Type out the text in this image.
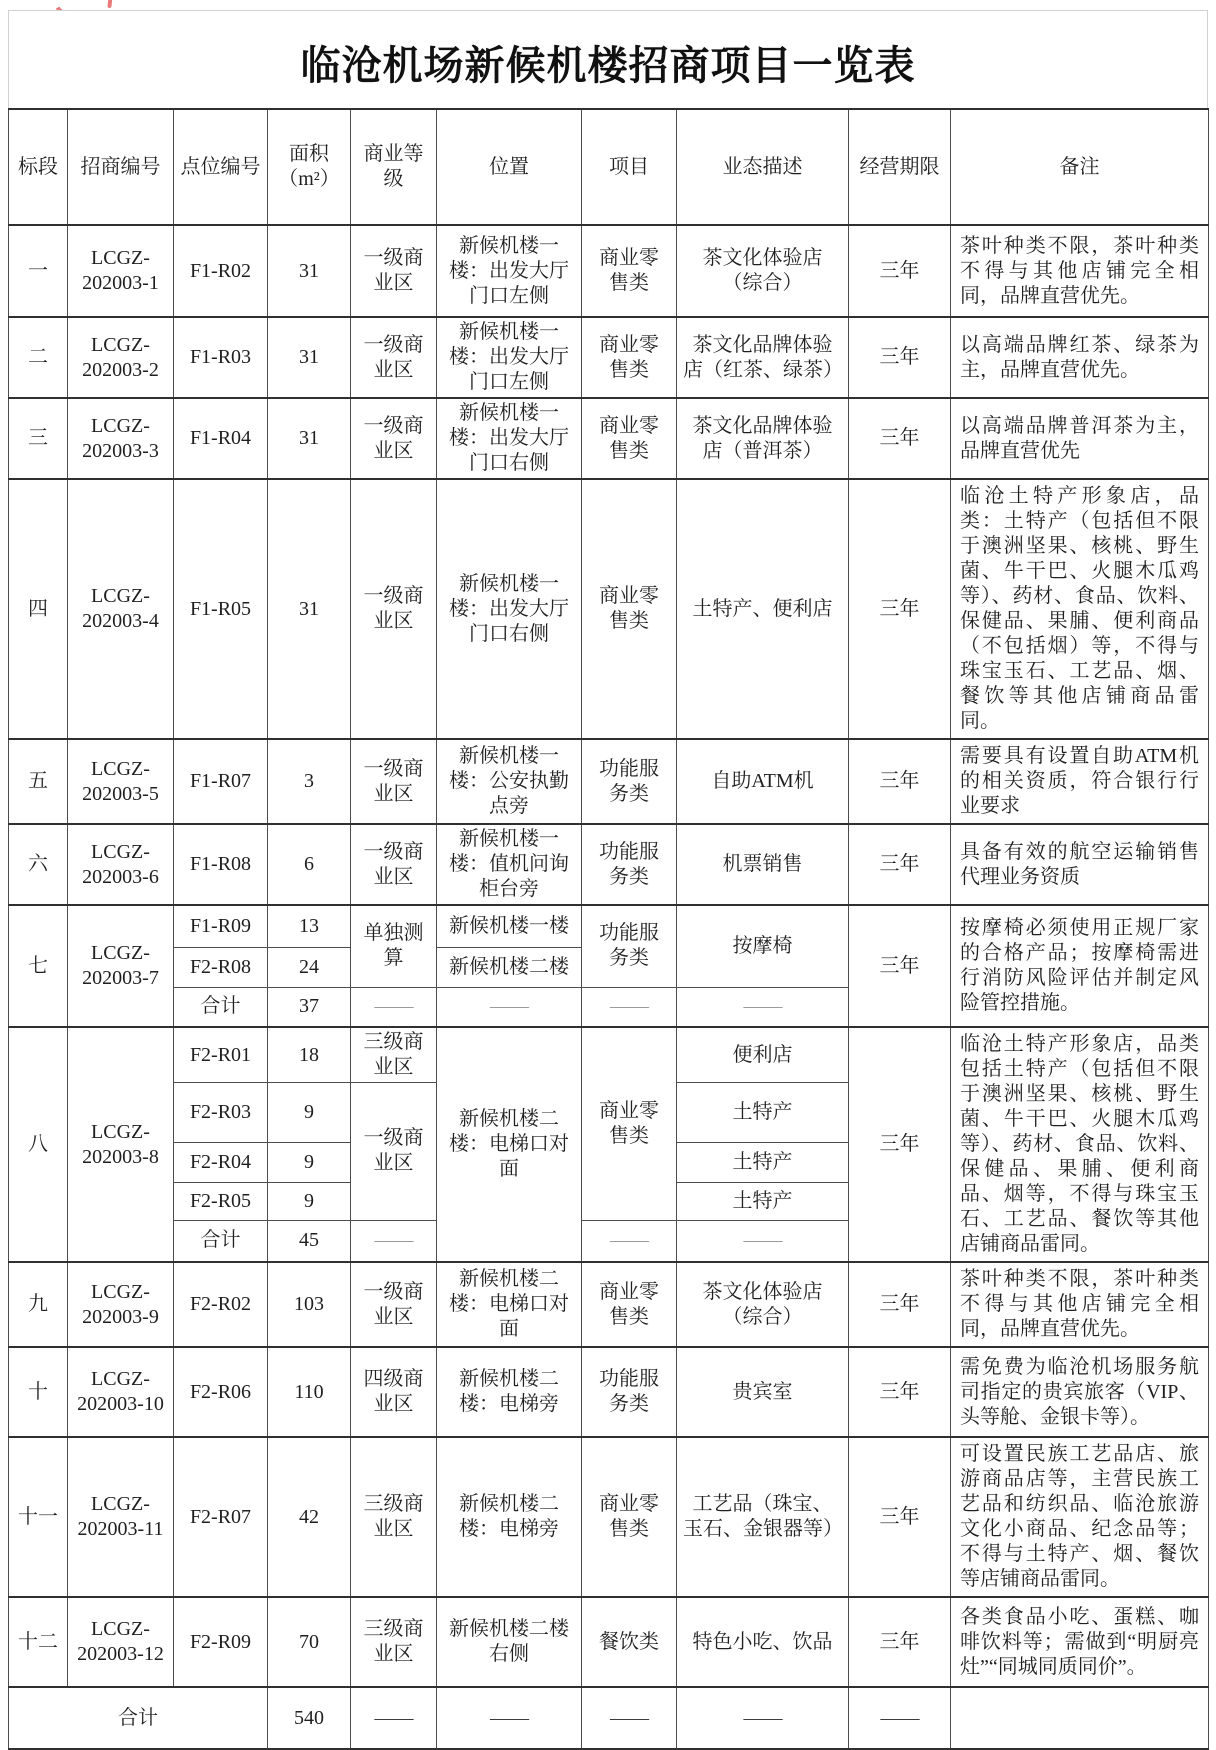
临沧机场新候机楼招商项目一览表
标段	招商编号	点位编号	面积（m²）	商业等级	位置	项目	业态描述	经营期限	备注
一	LCGZ-202003-1	F1-R02	31	一级商业区	新候机楼一楼：出发大厅门口左侧	商业零售类	茶文化体验店（综合）	三年	茶叶种类不限，茶叶种类不得与其他店铺完全相同，品牌直营优先。
二	LCGZ-202003-2	F1-R03	31	一级商业区	新候机楼一楼：出发大厅门口左侧	商业零售类	茶文化品牌体验店（红茶、绿茶）	三年	以高端品牌红茶、绿茶为主，品牌直营优先。
三	LCGZ-202003-3	F1-R04	31	一级商业区	新候机楼一楼：出发大厅门口右侧	商业零售类	茶文化品牌体验店（普洱茶）	三年	以高端品牌普洱茶为主，品牌直营优先
四	LCGZ-202003-4	F1-R05	31	一级商业区	新候机楼一楼：出发大厅门口右侧	商业零售类	土特产、便利店	三年	临沧土特产形象店，品类：土特产（包括但不限于澳洲坚果、核桃、野生菌、牛干巴、火腿木瓜鸡等）、药材、食品、饮料、保健品、果脯、便利商品（不包括烟）等，不得与珠宝玉石、工艺品、烟、餐饮等其他店铺商品雷同。
五	LCGZ-202003-5	F1-R07	3	一级商业区	新候机楼一楼：公安执勤点旁	功能服务类	自助ATM机	三年	需要具有设置自助ATM机的相关资质，符合银行行业要求
六	LCGZ-202003-6	F1-R08	6	一级商业区	新候机楼一楼：值机问询柜台旁	功能服务类	机票销售	三年	具备有效的航空运输销售代理业务资质
七	LCGZ-202003-7	F1-R09	13	单独测算	新候机楼一楼	功能服务类	按摩椅	三年	按摩椅必须使用正规厂家的合格产品；按摩椅需进行消防风险评估并制定风险管控措施。
		F2-R08	24		新候机楼二楼				
		合计	37	——	——	——	——		
八	LCGZ-202003-8	F2-R01	18	三级商业区	新候机楼二楼：电梯口对面	商业零售类	便利店	三年	临沧土特产形象店，品类包括土特产（包括但不限于澳洲坚果、核桃、野生菌、牛干巴、火腿木瓜鸡等）、药材、食品、饮料、保健品、果脯、便利商品、烟等，不得与珠宝玉石、工艺品、餐饮等其他店铺商品雷同。
		F2-R03	9	一级商业区			土特产		
		F2-R04	9				土特产		
		F2-R05	9				土特产		
		合计	45	——		——	——		
九	LCGZ-202003-9	F2-R02	103	一级商业区	新候机楼二楼：电梯口对面	商业零售类	茶文化体验店（综合）	三年	茶叶种类不限，茶叶种类不得与其他店铺完全相同，品牌直营优先。
十	LCGZ-202003-10	F2-R06	110	四级商业区	新候机楼二楼：电梯旁	功能服务类	贵宾室	三年	需免费为临沧机场服务航司指定的贵宾旅客（VIP、头等舱、金银卡等）。
十一	LCGZ-202003-11	F2-R07	42	三级商业区	新候机楼二楼：电梯旁	商业零售类	工艺品（珠宝、玉石、金银器等）	三年	可设置民族工艺品店、旅游商品店等，主营民族工艺品和纺织品、临沧旅游文化小商品、纪念品等；不得与土特产、烟、餐饮等店铺商品雷同。
十二	LCGZ-202003-12	F2-R09	70	三级商业区	新候机楼二楼右侧	餐饮类	特色小吃、饮品	三年	各类食品小吃、蛋糕、咖啡饮料等；需做到“明厨亮灶”“同城同质同价”。
合计			540	——	——	——	——	——	
